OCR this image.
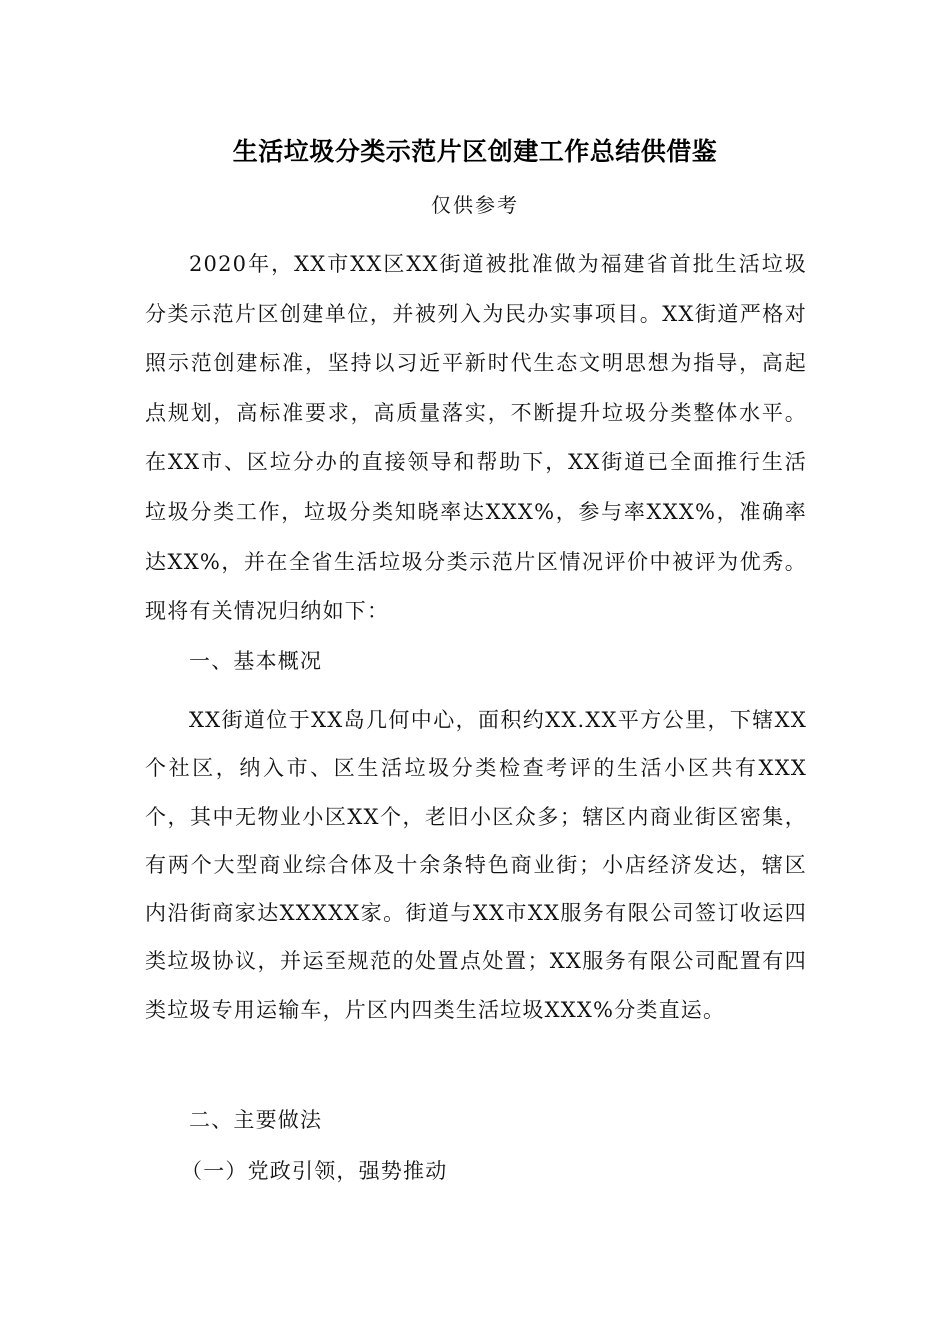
生活垃圾分类示范片区创建工作总结供借鉴
仅供参考
2020年，XX市XX区XX街道被批准做为福建省首批生活垃圾分类示范片区创建单位，并被列入为民办实事项目。XX街道严格对照示范创建标准，坚持以习近平新时代生态文明思想为指导，高起点规划，高标准要求，高质量落实，不断提升垃圾分类整体水平。在XX市、区垃分办的直接领导和帮助下，XX街道已全面推行生活垃圾分类工作，垃圾分类知晓率达XXX%，参与率XXX%，准确率达XX%，并在全省生活垃圾分类示范片区情况评价中被评为优秀。现将有关情况归纳如下：
一、基本概况
XX街道位于XX岛几何中心，面积约XX.XX平方公里，下辖XX个社区，纳入市、区生活垃圾分类检查考评的生活小区共有XXX个，其中无物业小区XX个，老旧小区众多；辖区内商业街区密集，有两个大型商业综合体及十余条特色商业街；小店经济发达，辖区内沿街商家达XXXXX家。街道与XX市XX服务有限公司签订收运四类垃圾协议，并运至规范的处置点处置；XX服务有限公司配置有四类垃圾专用运输车，片区内四类生活垃圾XXX%分类直运。
二、主要做法
（一）党政引领，强势推动
